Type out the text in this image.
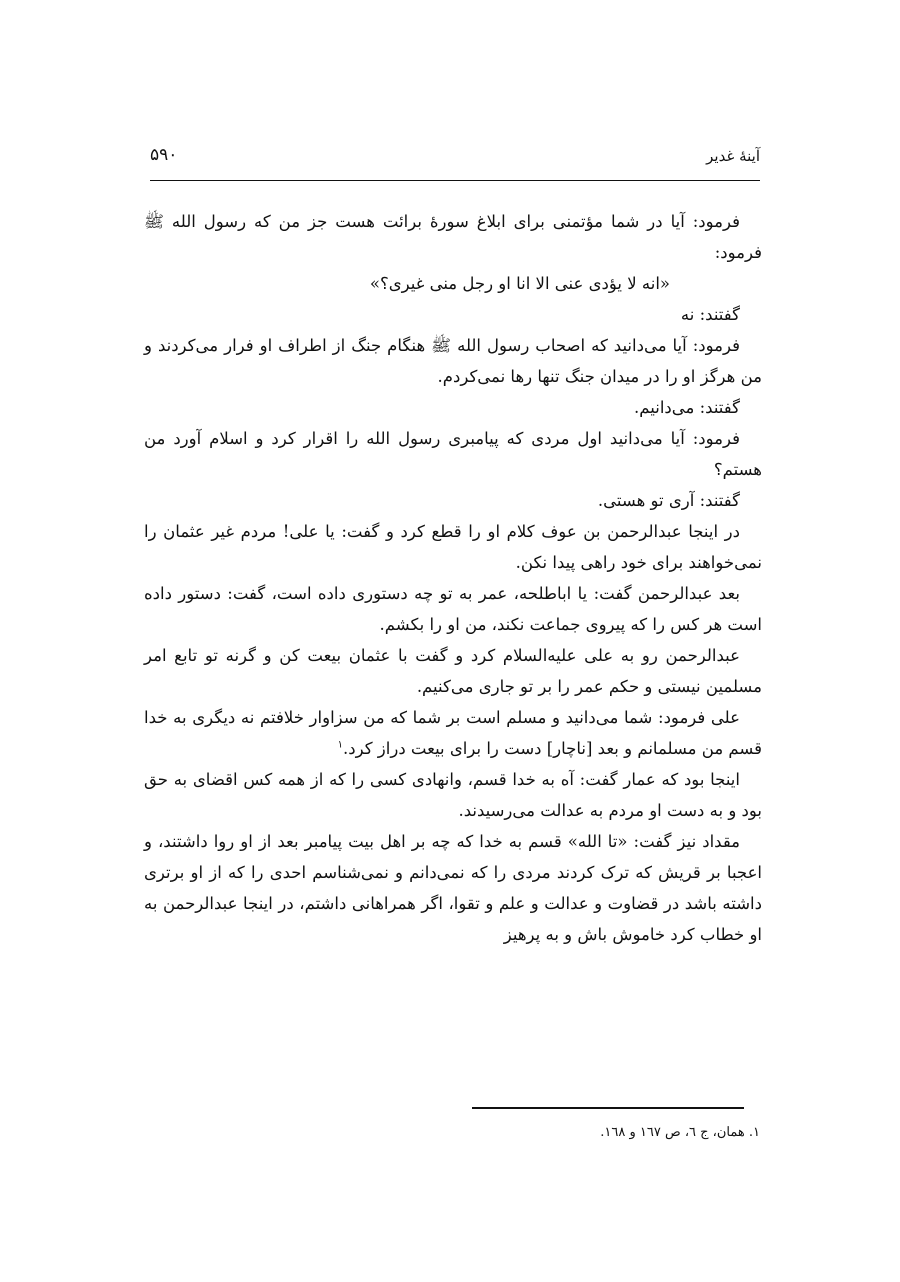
آینهٔ غدیر
۵۹۰

فرمود: آیا در شما مؤتمنی برای ابلاغ سورهٔ برائت هست جز من که رسول الله ﷺ فرمود:

«انه لا یؤدی عنی الا انا او رجل منی غیری؟»

گفتند: نه

فرمود: آیا می‌دانید که اصحاب رسول الله ﷺ هنگام جنگ از اطراف او فرار می‌کردند و من هرگز او را در میدان جنگ تنها رها نمی‌کردم.

گفتند: می‌دانیم.

فرمود: آیا می‌دانید اول مردی که پیامبری رسول الله را اقرار کرد و اسلام آورد من هستم؟

گفتند: آری تو هستی.

در اینجا عبدالرحمن بن عوف کلام او را قطع کرد و گفت: یا علی! مردم غیر عثمان را نمی‌خواهند برای خود راهی پیدا نکن.

بعد عبدالرحمن گفت: یا اباطلحه، عمر به تو چه دستوری داده است، گفت: دستور داده است هر کس را که پیروی جماعت نکند، من او را بکشم.

عبدالرحمن رو به علی علیه‌السلام کرد و گفت با عثمان بیعت کن و گرنه تو تابع امر مسلمین نیستی و حکم عمر را بر تو جاری می‌کنیم.

علی فرمود: شما می‌دانید و مسلم است بر شما که من سزاوار خلافتم نه دیگری به خدا قسم من مسلمانم و بعد [ناچار] دست را برای بیعت دراز کرد.$^١$

اینجا بود که عمار گفت: آه به خدا قسم، وانهادی کسی را که از همه کس اقضای به حق بود و به دست او مردم به عدالت می‌رسیدند.

مقداد نیز گفت: «تا الله» قسم به خدا که چه بر اهل بیت پیامبر بعد از او روا داشتند، و اعجبا بر قریش که ترک کردند مردی را که نمی‌دانم و نمی‌شناسم احدی را که از او برتری داشته باشد در قضاوت و عدالت و علم و تقوا، اگر همراهانی داشتم، در اینجا عبدالرحمن به او خطاب کرد خاموش باش و به پرهیز

١. همان، ج ٦، ص ١٦٧ و ١٦٨.
